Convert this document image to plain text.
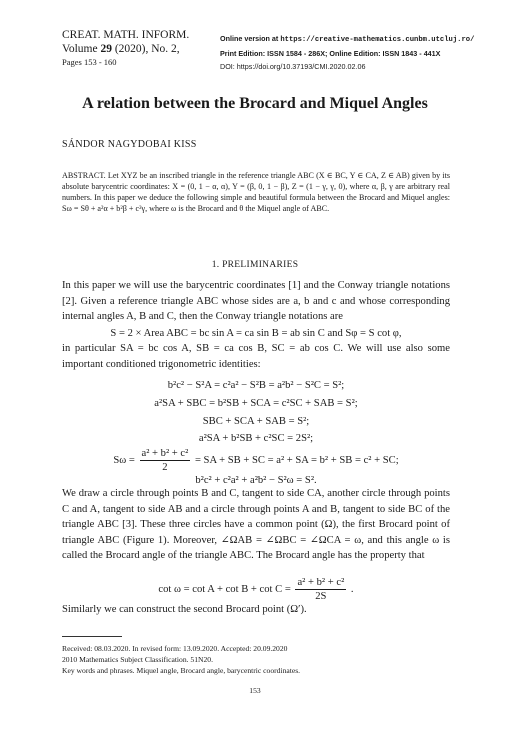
CREAT. MATH. INFORM.
Volume 29 (2020), No. 2,
Pages 153 - 160
Online version at https://creative-mathematics.cunbm.utcluj.ro/
Print Edition: ISSN 1584 - 286X; Online Edition: ISSN 1843 - 441X
DOI: https://doi.org/10.37193/CMI.2020.02.06
A relation between the Brocard and Miquel Angles
SÁNDOR NAGYDOBAI KISS
ABSTRACT. Let XYZ be an inscribed triangle in the reference triangle ABC (X ∈ BC, Y ∈ CA, Z ∈ AB) given by its absolute barycentric coordinates: X = (0, 1 − α, α), Y = (β, 0, 1 − β), Z = (1 − γ, γ, 0), where α, β, γ are arbitrary real numbers. In this paper we deduce the following simple and beautiful formula between the Brocard and Miquel angles: Sω = Sθ + a²α + b²β + c²γ, where ω is the Brocard and θ the Miquel angle of ABC.
1. PRELIMINARIES
In this paper we will use the barycentric coordinates [1] and the Conway triangle notations [2]. Given a reference triangle ABC whose sides are a, b and c and whose corresponding internal angles A, B and C, then the Conway triangle notations are
S = 2 × Area ABC = bc sin A = ca sin B = ab sin C and Sφ = S cot φ,
in particular SA = bc cos A, SB = ca cos B, SC = ab cos C. We will use also some important conditioned trigonometric identities:
b²c² − S²A = c²a² − S²B = a²b² − S²C = S²;
a²SA + SBC = b²SB + SCA = c²SC + SAB = S²;
SBC + SCA + SAB = S²;
a²SA + b²SB + c²SC = 2S²;
$S\omega = \frac{\text{a² + b² + c²}}{2}$ = SA + SB + SC = a² + SA = b² + SB = c² + SC;
b²c² + c²a² + a²b² − S²ω = S².
We draw a circle through points B and C, tangent to side CA, another circle through points C and A, tangent to side AB and a circle through points A and B, tangent to side BC of the triangle ABC [3]. These three circles have a common point (Ω), the first Brocard point of triangle ABC (Figure 1). Moreover, ∠ΩAB = ∠ΩBC = ∠ΩCA = ω, and this angle ω is called the Brocard angle of the triangle ABC. The Brocard angle has the property that
$\cot \omega = \cot A + \cot B + \cot C = \frac{\text{a² + b² + c²}}{2S}$ .
Similarly we can construct the second Brocard point (Ω′).
Received: 08.03.2020. In revised form: 13.09.2020. Accepted: 20.09.2020
2010 Mathematics Subject Classification. 51N20.
Key words and phrases. Miquel angle, Brocard angle, barycentric coordinates.
153
